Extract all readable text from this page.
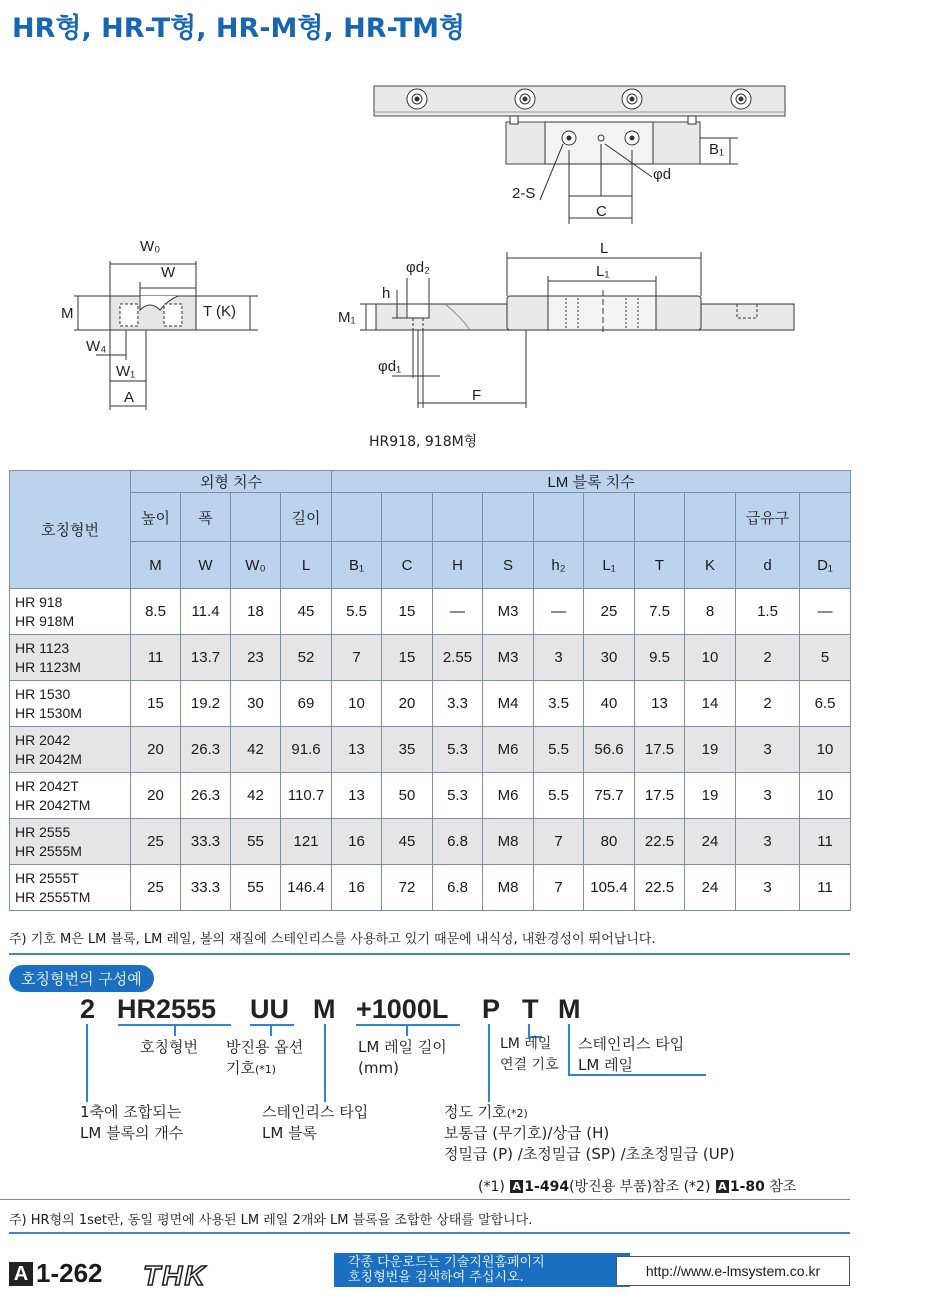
HR형, HR-T형, HR-M형, HR-TM형
B₁
φd
2-S
C
W₀
W
M	T (K)
W₄
W₁
A
L
L₁
φd₂
h
M₁
φd₁
F
HR918, 918M형
호칭형번	외형 치수				LM 블록 치수									
	높이	폭		길이									급유구	
	M	W	W₀	L	B₁	C	H	S	h₂	L₁	T	K	d	D₁

HR 918
HR 918M	8.5	11.4	18	45	5.5	15	—	M3	—	25	7.5	8	1.5	—

HR 1123
HR 1123M	11	13.7	23	52	7	15	2.55	M3	3	30	9.5	10	2	5

HR 1530
HR 1530M	15	19.2	30	69	10	20	3.3	M4	3.5	40	13	14	2	6.5

HR 2042
HR 2042M	20	26.3	42	91.6	13	35	5.3	M6	5.5	56.6	17.5	19	3	10

HR 2042T
HR 2042TM	20	26.3	42	110.7	13	50	5.3	M6	5.5	75.7	17.5	19	3	10

HR 2555
HR 2555M	25	33.3	55	121	16	45	6.8	M8	7	80	22.5	24	3	11

HR 2555T
HR 2555TM	25	33.3	55	146.4	16	72	6.8	M8	7	105.4	22.5	24	3	11
주) 기호 M은 LM 블록, LM 레일, 볼의 재질에 스테인리스를 사용하고 있기 때문에 내식성, 내환경성이 뛰어납니다.
호칭형번의 구성예
2 HR2555 UU M +1000L P T M
호칭형번 방진용 옵션
기호(*1)
LM 레일 길이
(mm)
LM 레일
연결 기호
스테인리스 타입
LM 레일
1축에 조합되는
LM 블록의 개수
스테인리스 타입
LM 블록
정도 기호(*2)
보통급 (무기호)/상급 (H)
정밀급 (P) /초정밀급 (SP) /초초정밀급 (UP)
(*1) A 1-494(방진용 부품)참조 (*2) A 1-80 참조
주) HR형의 1set란, 동일 평면에 사용된 LM 레일 2개와 LM 블록을 조합한 상태를 말합니다.
A 1-262 THK	각종 다운로드는 기술지원홈페이지
호칭형번을 검색하여 주십시오.	http://www.e-lmsystem.co.kr
